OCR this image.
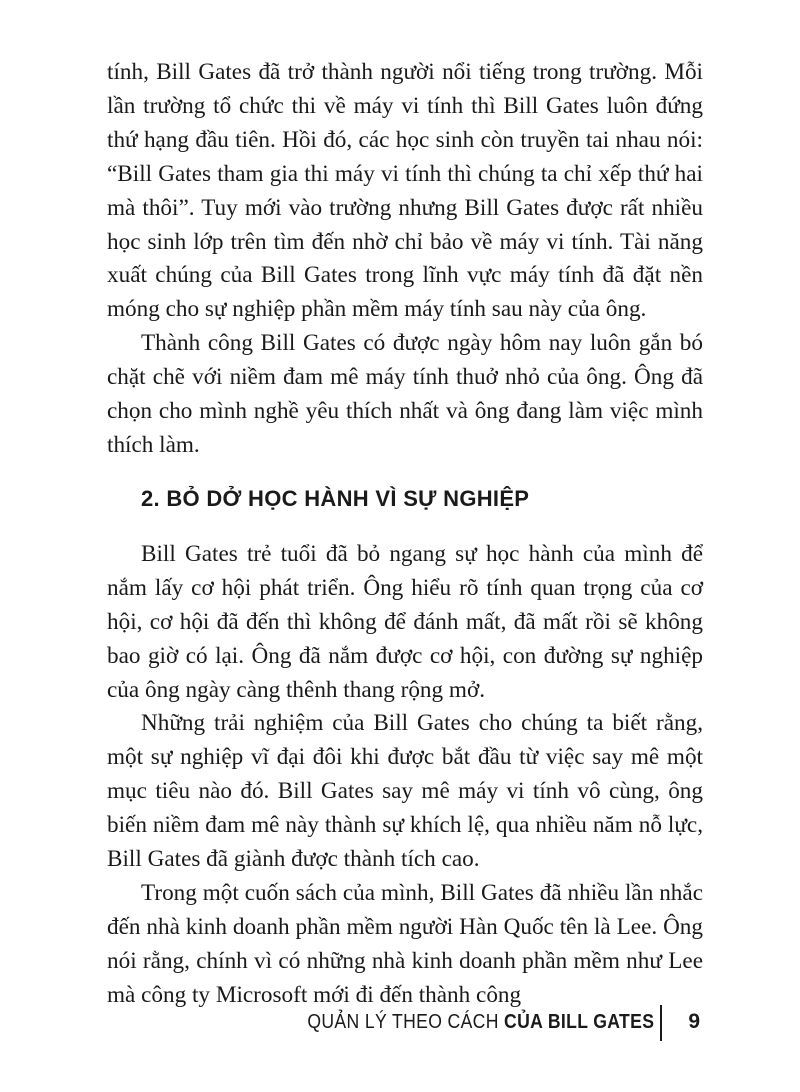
tính, Bill Gates đã trở thành người nổi tiếng trong trường. Mỗi lần trường tổ chức thi về máy vi tính thì Bill Gates luôn đứng thứ hạng đầu tiên. Hồi đó, các học sinh còn truyền tai nhau nói: “Bill Gates tham gia thi máy vi tính thì chúng ta chỉ xếp thứ hai mà thôi”. Tuy mới vào trường nhưng Bill Gates được rất nhiều học sinh lớp trên tìm đến nhờ chỉ bảo về máy vi tính. Tài năng xuất chúng của Bill Gates trong lĩnh vực máy tính đã đặt nền móng cho sự nghiệp phần mềm máy tính sau này của ông.

Thành công Bill Gates có được ngày hôm nay luôn gắn bó chặt chẽ với niềm đam mê máy tính thuở nhỏ của ông. Ông đã chọn cho mình nghề yêu thích nhất và ông đang làm việc mình thích làm.

2. BỎ DỞ HỌC HÀNH VÌ SỰ NGHIỆP

Bill Gates trẻ tuổi đã bỏ ngang sự học hành của mình để nắm lấy cơ hội phát triển. Ông hiểu rõ tính quan trọng của cơ hội, cơ hội đã đến thì không để đánh mất, đã mất rồi sẽ không bao giờ có lại. Ông đã nắm được cơ hội, con đường sự nghiệp của ông ngày càng thênh thang rộng mở.

Những trải nghiệm của Bill Gates cho chúng ta biết rằng, một sự nghiệp vĩ đại đôi khi được bắt đầu từ việc say mê một mục tiêu nào đó. Bill Gates say mê máy vi tính vô cùng, ông biến niềm đam mê này thành sự khích lệ, qua nhiều năm nỗ lực, Bill Gates đã giành được thành tích cao.

Trong một cuốn sách của mình, Bill Gates đã nhiều lần nhắc đến nhà kinh doanh phần mềm người Hàn Quốc tên là Lee. Ông nói rằng, chính vì có những nhà kinh doanh phần mềm như Lee mà công ty Microsoft mới đi đến thành công

QUẢN LÝ THEO CÁCH CỦA BILL GATES 9
